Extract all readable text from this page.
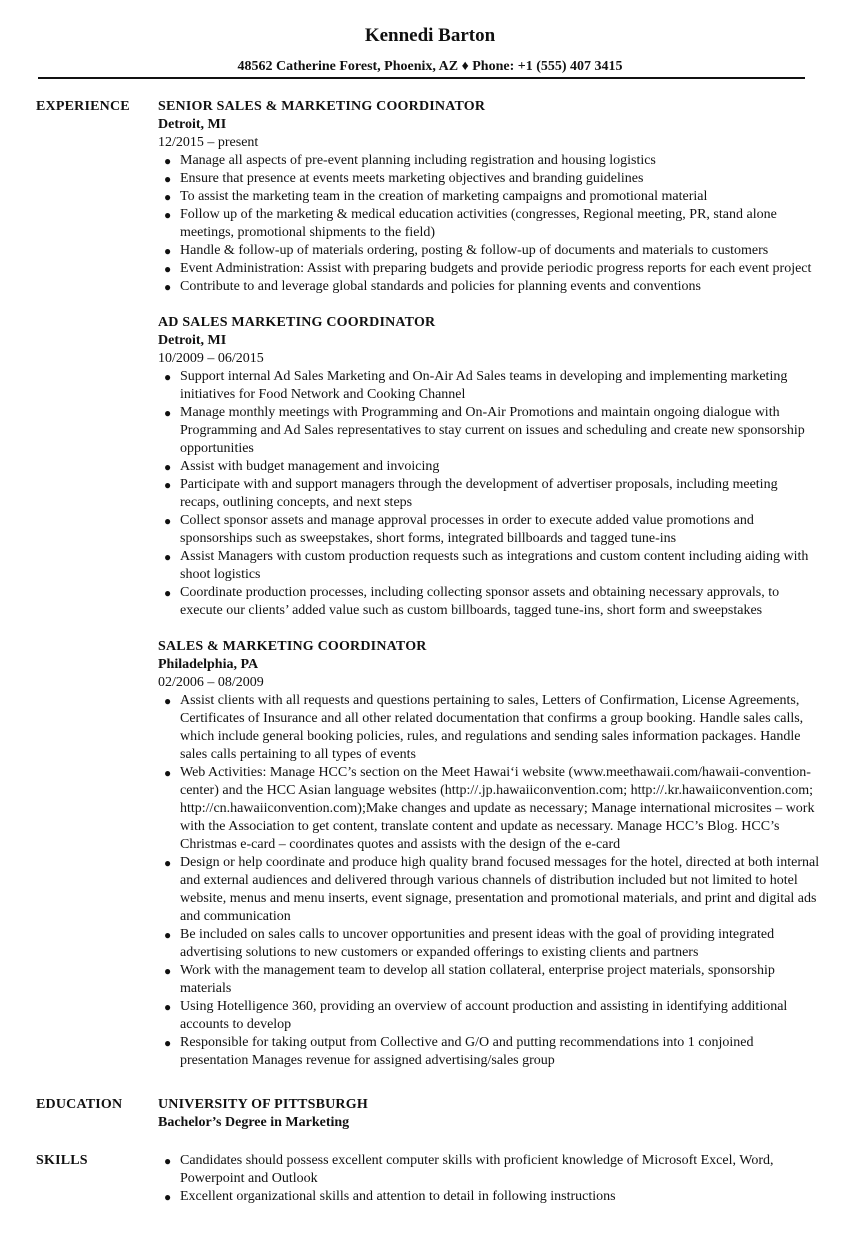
Kennedi Barton
48562 Catherine Forest, Phoenix, AZ ♦ Phone: +1 (555) 407 3415
EXPERIENCE SENIOR SALES & MARKETING COORDINATOR
Detroit, MI
12/2015 – present
● Manage all aspects of pre-event planning including registration and housing logistics
● Ensure that presence at events meets marketing objectives and branding guidelines
● To assist the marketing team in the creation of marketing campaigns and promotional material
● Follow up of the marketing & medical education activities (congresses, Regional meeting, PR, stand alone meetings, promotional shipments to the field)
● Handle & follow-up of materials ordering, posting & follow-up of documents and materials to customers
● Event Administration: Assist with preparing budgets and provide periodic progress reports for each event project
● Contribute to and leverage global standards and policies for planning events and conventions
AD SALES MARKETING COORDINATOR
Detroit, MI
10/2009 – 06/2015
● Support internal Ad Sales Marketing and On-Air Ad Sales teams in developing and implementing marketing initiatives for Food Network and Cooking Channel
● Manage monthly meetings with Programming and On-Air Promotions and maintain ongoing dialogue with Programming and Ad Sales representatives to stay current on issues and scheduling and create new sponsorship opportunities
● Assist with budget management and invoicing
● Participate with and support managers through the development of advertiser proposals, including meeting recaps, outlining concepts, and next steps
● Collect sponsor assets and manage approval processes in order to execute added value promotions and sponsorships such as sweepstakes, short forms, integrated billboards and tagged tune-ins
● Assist Managers with custom production requests such as integrations and custom content including aiding with shoot logistics
● Coordinate production processes, including collecting sponsor assets and obtaining necessary approvals, to execute our clients’ added value such as custom billboards, tagged tune-ins, short form and sweepstakes
SALES & MARKETING COORDINATOR
Philadelphia, PA
02/2006 – 08/2009
● Assist clients with all requests and questions pertaining to sales, Letters of Confirmation, License Agreements, Certificates of Insurance and all other related documentation that confirms a group booking. Handle sales calls, which include general booking policies, rules, and regulations and sending sales information packages. Handle sales calls pertaining to all types of events
● Web Activities: Manage HCC’s section on the Meet Hawai‘i website (www.meethawaii.com/hawaii-convention-center) and the HCC Asian language websites (http://.jp.hawaiiconvention.com; http://.kr.hawaiiconvention.com; http://cn.hawaiiconvention.com);Make changes and update as necessary; Manage international microsites – work with the Association to get content, translate content and update as necessary. Manage HCC’s Blog. HCC’s Christmas e-card – coordinates quotes and assists with the design of the e-card
● Design or help coordinate and produce high quality brand focused messages for the hotel, directed at both internal and external audiences and delivered through various channels of distribution included but not limited to hotel website, menus and menu inserts, event signage, presentation and promotional materials, and print and digital ads and communication
● Be included on sales calls to uncover opportunities and present ideas with the goal of providing integrated advertising solutions to new customers or expanded offerings to existing clients and partners
● Work with the management team to develop all station collateral, enterprise project materials, sponsorship materials
● Using Hotelligence 360, providing an overview of account production and assisting in identifying additional accounts to develop
● Responsible for taking output from Collective and G/O and putting recommendations into 1 conjoined presentation Manages revenue for assigned advertising/sales group
EDUCATION	UNIVERSITY OF PITTSBURGH
Bachelor’s Degree in Marketing
SKILLS	● Candidates should possess excellent computer skills with proficient knowledge of Microsoft Excel, Word, Powerpoint and Outlook
● Excellent organizational skills and attention to detail in following instructions
